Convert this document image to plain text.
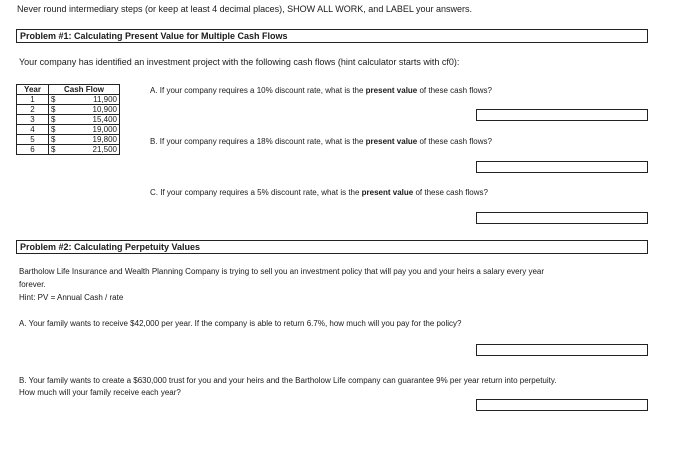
Never round intermediary steps (or keep at least 4 decimal places), SHOW ALL WORK, and LABEL your answers.
Problem #1: Calculating Present Value for Multiple Cash Flows
Your company has identified an investment project with the following cash flows (hint calculator starts with cf0):
Year	Cash Flow	
1	$	11,900
2	$	10,900
3	$	15,400
4	$	19,000
5	$	19,800
6	$	21,500
A. If your company requires a 10% discount rate, what is the present value of these cash flows?
B. If your company requires a 18% discount rate, what is the present value of these cash flows?
C. If your company requires a 5% discount rate, what is the present value of these cash flows?
Problem #2: Calculating Perpetuity Values
Bartholow Life Insurance and Wealth Planning Company is trying to sell you an investment policy that will pay you and your heirs a salary every year
forever.
Hint: PV = Annual Cash / rate
A. Your family wants to receive $42,000 per year. If the company is able to return 6.7%, how much will you pay for the policy?
B. Your family wants to create a $630,000 trust for you and your heirs and the Bartholow Life company can guarantee 9% per year return into perpetuity.
How much will your family receive each year?
